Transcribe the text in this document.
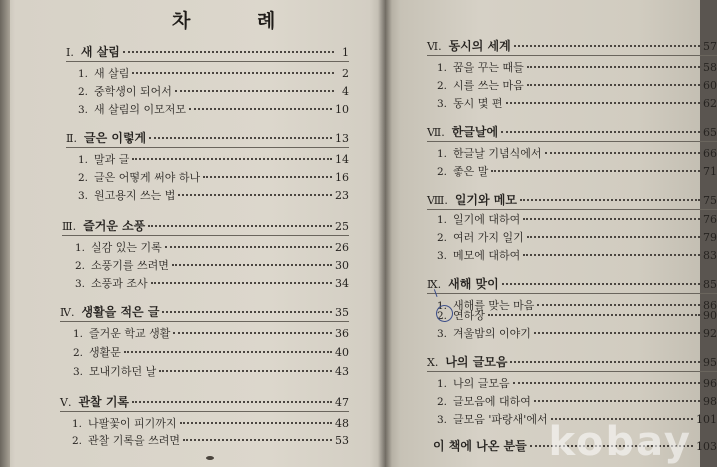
차 례
Ⅰ. 새 살림	1
1. 새 살림	2
2. 중학생이 되어서	4
3. 새 살림의 이모저모	10
Ⅱ. 글은 이렇게	13
1. 말과 글	14
2. 글은 어떻게 써야 하나	16
3. 원고용지 쓰는 법	23
Ⅲ. 즐거운 소풍	25
1. 실감 있는 기록	26
2. 소풍기를 쓰려면	30
3. 소풍과 조사	34
Ⅳ. 생활을 적은 글	35
1. 즐거운 학교 생활	36
2. 생활문	40
3. 모내기하던 날	43
Ⅴ. 관찰 기록	47
1. 나팔꽃이 피기까지	48
2. 관찰 기록을 쓰려면	53
Ⅵ. 동시의 세계	57
1. 꿈을 꾸는 때들	58
2. 시를 쓰는 마음	60
3. 동시 몇 편	62
Ⅶ. 한글날에	65
1. 한글날 기념식에서	66
2. 좋은 말	71
Ⅷ. 일기와 메모	75
1. 일기에 대하여	76
2. 여러 가지 일기	79
3. 메모에 대하여	83
Ⅸ. 새해 맞이	85
1. 새해를 맞는 마음	86
2. 연하장	90
3. 겨울밤의 이야기	92
Ⅹ. 나의 글모음	95
1. 나의 글모음	96
2. 글모음에 대하여	98
3. 글모음 '파랑새'에서	101
이 책에 나온 분들	103
kobay
